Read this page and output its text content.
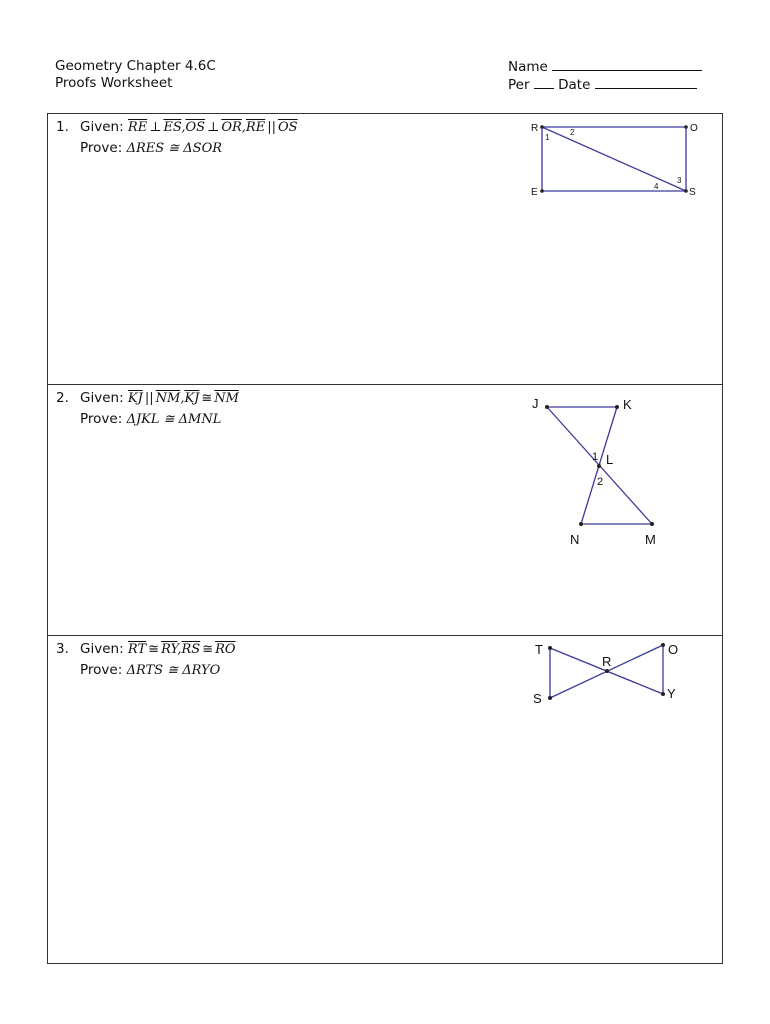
Geometry Chapter 4.6C
Proofs Worksheet
Name
Per Date
1. Given: $\overline{RE}$ ⊥ $\overline{ES},\overline{OS}$ ⊥ $\overline{OR},\overline{RE}$ || $\overline{OS}$
Prove: ΔRES ≅ ΔSOR
R	O
E	S
1
2
3
4
2. Given: $\overline{KJ}$ || $\overline{NM},\overline{KJ}$ ≅ $\overline{NM}$
Prove: ΔJKL ≅ ΔMNL
J	K
L
N	M
1
2
3. Given: $\overline{RT}$ ≅ $\overline{RY},\overline{RS}$ ≅ $\overline{RO}$
Prove: ΔRTS ≅ ΔRYO
T	O
R
S	Y
